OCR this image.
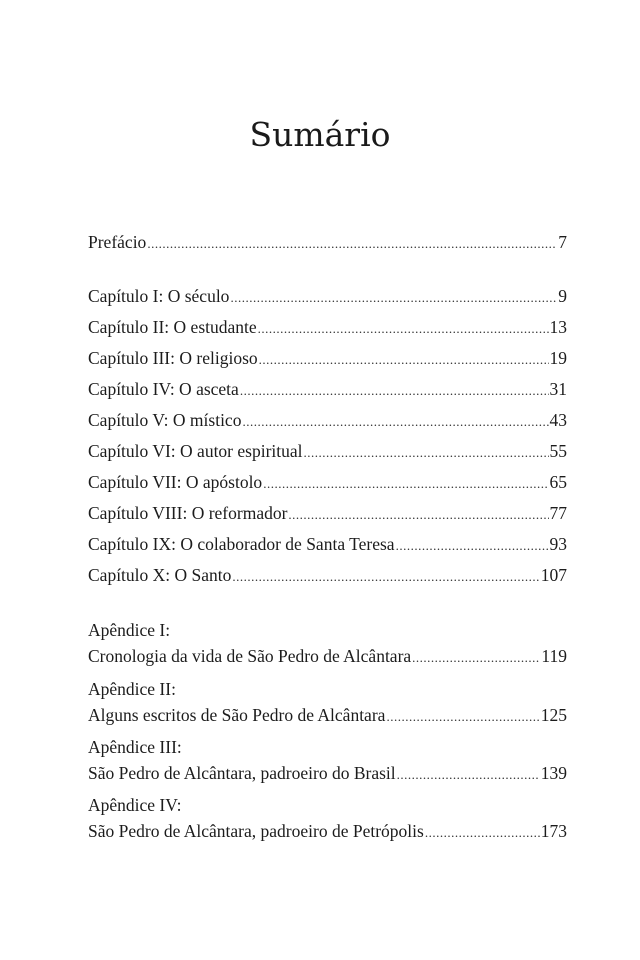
Sumário
Prefácio .....	7
Capítulo I: O século .....	9
Capítulo II: O estudante .....	13
Capítulo III: O religioso .....	19
Capítulo IV: O asceta .....	31
Capítulo V: O místico .....	43
Capítulo VI: O autor espiritual .....	55
Capítulo VII: O apóstolo .....	65
Capítulo VIII: O reformador .....	77
Capítulo IX: O colaborador de Santa Teresa .....	93
Capítulo X: O Santo .....	107
Apêndice I:
Cronologia da vida de São Pedro de Alcântara .....	119
Apêndice II:
Alguns escritos de São Pedro de Alcântara .....	125
Apêndice III:
São Pedro de Alcântara, padroeiro do Brasil .....	139
Apêndice IV:
São Pedro de Alcântara, padroeiro de Petrópolis .....	173
